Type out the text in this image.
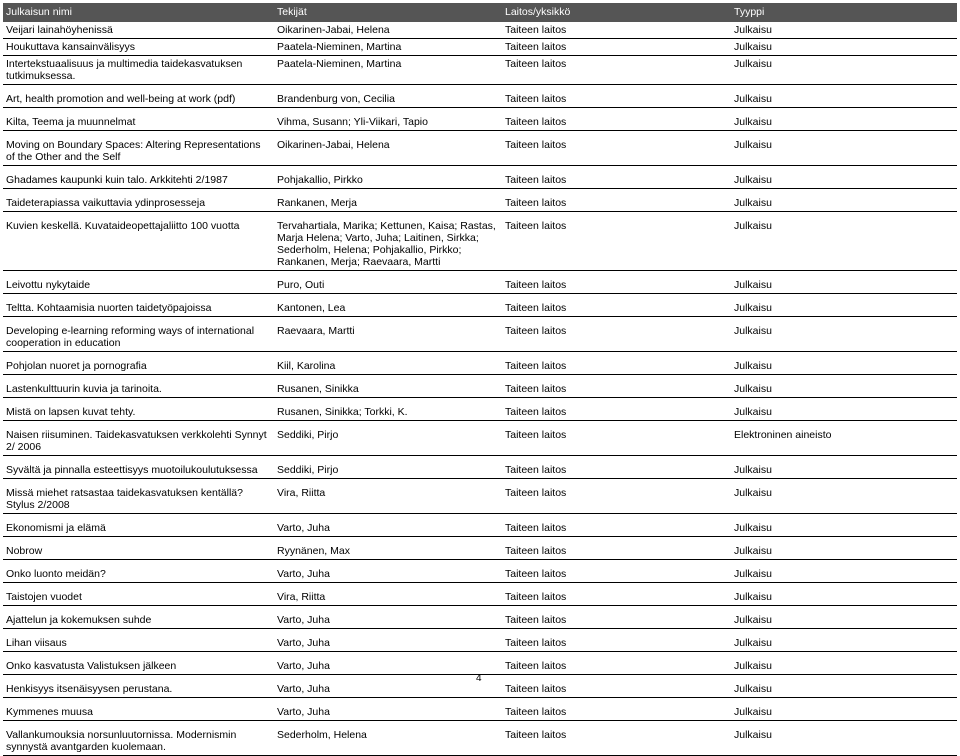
Julkaisun nimi	Tekijät	Laitos/yksikkö	Tyyppi
Veijari lainahöyhenissä	Oikarinen-Jabai, Helena	Taiteen laitos	Julkaisu
Houkuttava kansainvälisyys	Paatela-Nieminen, Martina	Taiteen laitos	Julkaisu
Intertekstuaalisuus ja multimedia taidekasvatuksen tutkimuksessa.	Paatela-Nieminen, Martina	Taiteen laitos	Julkaisu

Art, health promotion and well-being at work (pdf)	Brandenburg von, Cecilia	Taiteen laitos	Julkaisu

Kilta, Teema ja muunnelmat	Vihma, Susann; Yli-Viikari, Tapio	Taiteen laitos	Julkaisu

Moving on Boundary Spaces: Altering Representations of the Other and the Self	Oikarinen-Jabai, Helena	Taiteen laitos	Julkaisu

Ghadames kaupunki kuin talo. Arkkitehti 2/1987	Pohjakallio, Pirkko	Taiteen laitos	Julkaisu

Taideterapiassa vaikuttavia ydinprosesseja	Rankanen, Merja	Taiteen laitos	Julkaisu

Kuvien keskellä. Kuvataideopettajaliitto 100 vuotta	Tervahartiala, Marika; Kettunen, Kaisa; Rastas, Marja Helena; Varto, Juha; Laitinen, Sirkka; Sederholm, Helena; Pohjakallio, Pirkko; Rankanen, Merja; Raevaara, Martti	Taiteen laitos	Julkaisu

Leivottu nykytaide	Puro, Outi	Taiteen laitos	Julkaisu

Teltta. Kohtaamisia nuorten taidetyöpajoissa	Kantonen, Lea	Taiteen laitos	Julkaisu

Developing e-learning reforming ways of international cooperation in education	Raevaara, Martti	Taiteen laitos	Julkaisu

Pohjolan nuoret ja pornografia	Kiil, Karolina	Taiteen laitos	Julkaisu

Lastenkulttuurin kuvia ja tarinoita.	Rusanen, Sinikka	Taiteen laitos	Julkaisu

Mistä on lapsen kuvat tehty.	Rusanen, Sinikka; Torkki, K.	Taiteen laitos	Julkaisu

Naisen riisuminen. Taidekasvatuksen verkkolehti Synnyt 2/ 2006	Seddiki, Pirjo	Taiteen laitos	Elektroninen aineisto

Syvältä ja pinnalla esteettisyys muotoilukoulutuksessa	Seddiki, Pirjo	Taiteen laitos	Julkaisu

Missä miehet ratsastaa taidekasvatuksen kentällä?Stylus 2/2008	Vira, Riitta	Taiteen laitos	Julkaisu

Ekonomismi ja elämä	Varto, Juha	Taiteen laitos	Julkaisu

Nobrow	Ryynänen, Max	Taiteen laitos	Julkaisu

Onko luonto meidän?	Varto, Juha	Taiteen laitos	Julkaisu

Taistojen vuodet	Vira, Riitta	Taiteen laitos	Julkaisu

Ajattelun ja kokemuksen suhde	Varto, Juha	Taiteen laitos	Julkaisu

Lihan viisaus	Varto, Juha	Taiteen laitos	Julkaisu

Onko kasvatusta Valistuksen jälkeen	Varto, Juha	Taiteen laitos	Julkaisu

Henkisyys itsenäisyysen perustana.	Varto, Juha	Taiteen laitos	Julkaisu

Kymmenes muusa	Varto, Juha	Taiteen laitos	Julkaisu

Vallankumouksia norsunluutornissa. Modernismin synnystä avantgarden kuolemaan.	Sederholm, Helena	Taiteen laitos	Julkaisu
4
